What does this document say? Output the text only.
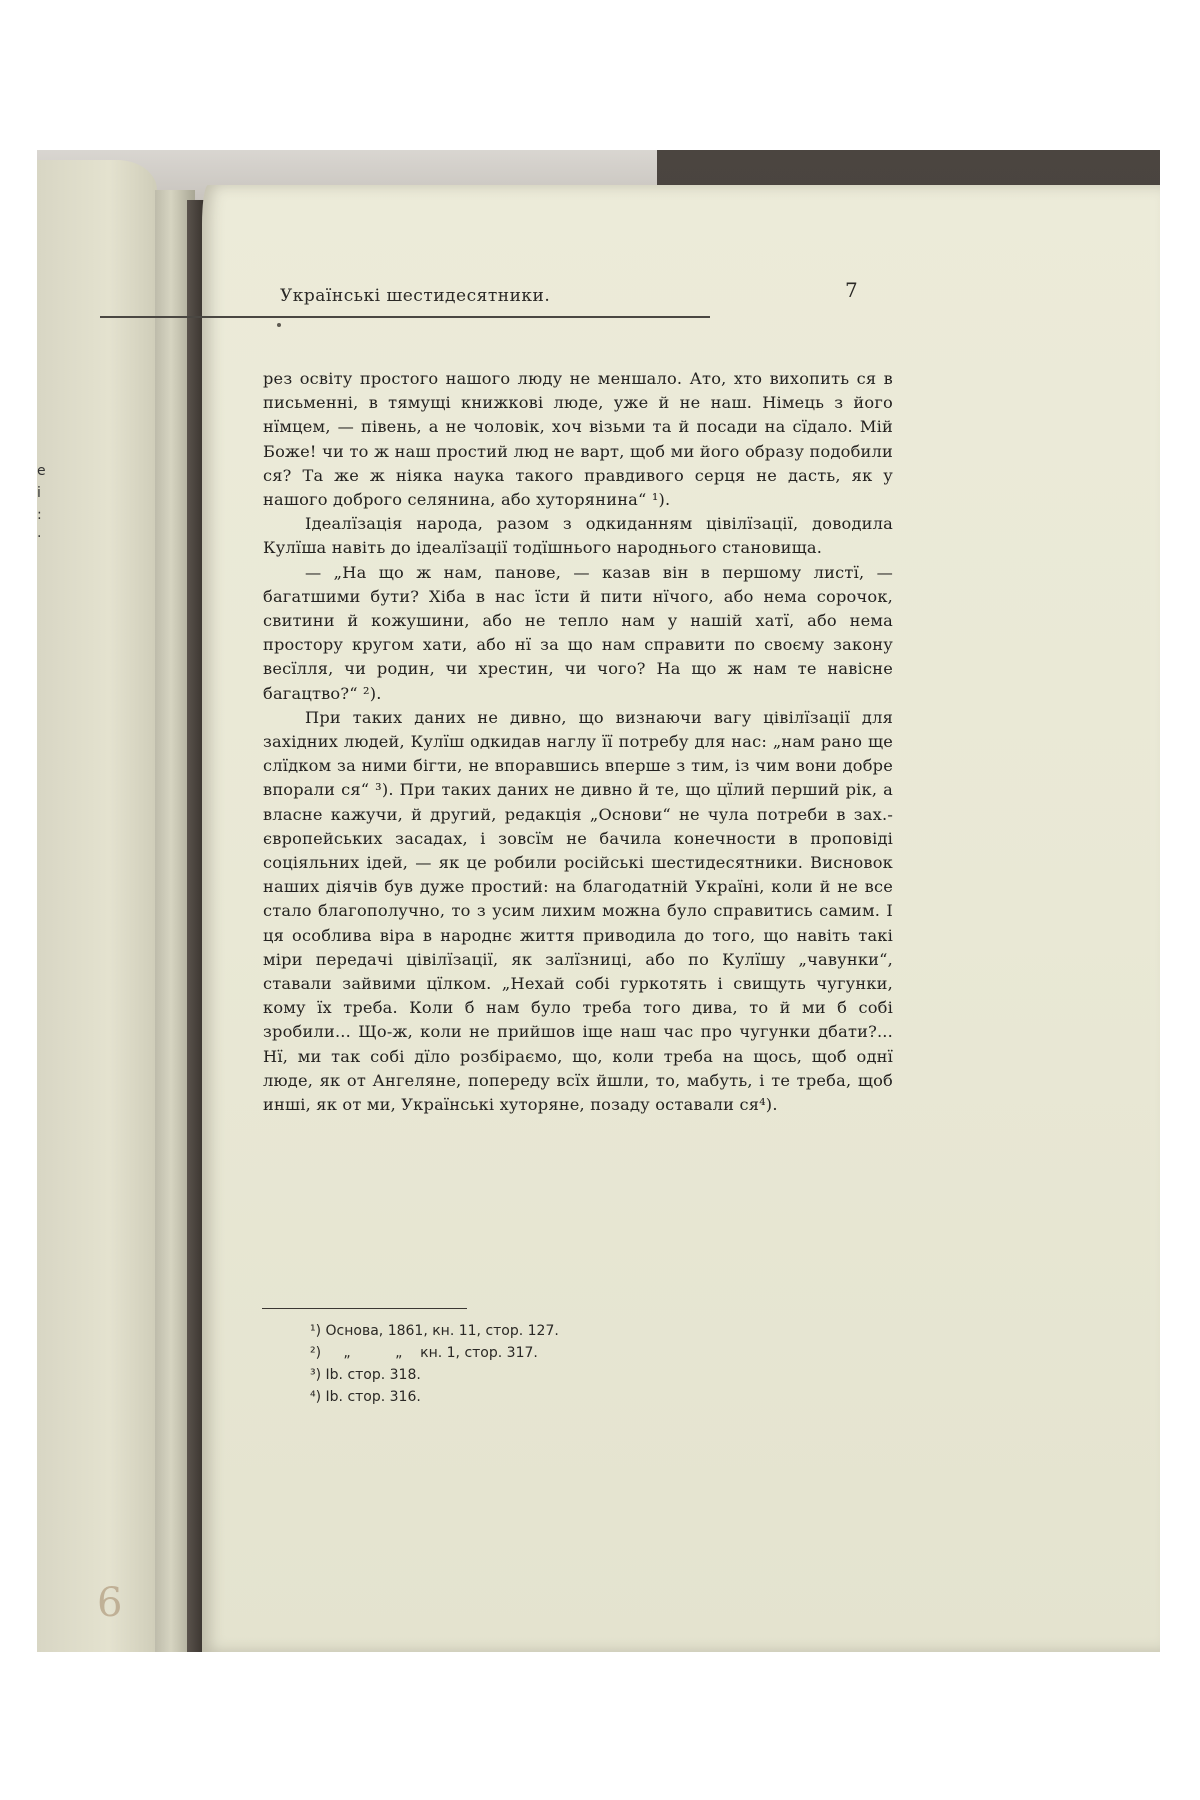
е
і
:
·
6
Українські шестидесятники.	7

рез освіту простого нашого люду не меншало. Ато, хто вихопить ся в письменні, в тямущі книжкові люде, уже й не наш. Німець з його нїмцем, — півень, а не чоловік, хоч візьми та й посади на сїдало. Мій Боже! чи то ж наш простий люд не варт, щоб ми його образу подобили ся? Та же ж ніяка наука такого правдивого серця не дасть, як у нашого доброго селянина, або хуторянина“ ¹).

Ідеалїзація народа, разом з одкиданням цівілїзації, доводила Кулїша навіть до ідеалїзації тодїшнього народнього становища.

— „На що ж нам, панове, — казав він в першому листї, — багатшими бути? Хіба в нас їсти й пити нїчого, або нема сорочок, свитини й кожушини, або не тепло нам у нашій хатї, або нема простору кругом хати, або нї за що нам справити по своєму закону весїлля, чи родин, чи хрестин, чи чого? На що ж нам те навісне багацтво?“ ²).

При таких даних не дивно, що визнаючи вагу цівілїзації для західних людей, Кулїш одкидав наглу її потребу для нас: „нам рано ще слїдком за ними бігти, не впоравшись вперше з тим, із чим вони добре впорали ся“ ³). При таких даних не дивно й те, що цїлий перший рік, а власне кажучи, й другий, редакція „Основи“ не чула потреби в зах.-європейських засадах, і зовсїм не бачила конечности в проповіді соціяльних ідей, — як це робили російські шестидесятники. Висновок наших діячів був дуже простий: на благодатній Україні, коли й не все стало благополучно, то з усим лихим можна було справитись самим. І ця особлива віра в народнє життя приводила до того, що навіть такі міри передачі цівілїзації, як залїзниці, або по Кулїшу „чавунки“, ставали зайвими цїлком. „Нехай собі гуркотять і свищуть чугунки, кому їх треба. Коли б нам було треба того дива, то й ми б собі зробили... Що-ж, коли не прийшов іще наш час про чугунки дбати?... Нї, ми так собі дїло розбіраємо, що, коли треба на щось, щоб однї люде, як от Ангеляне, попереду всїх йшли, то, мабуть, і те треба, щоб инші, як от ми, Українські хуторяне, позаду оставали ся⁴).

¹) Основа, 1861, кн. 11, стор. 127.
²)     „          „    кн. 1, стор. 317.
³) Ib. стор. 318.
⁴) Ib. стор. 316.
